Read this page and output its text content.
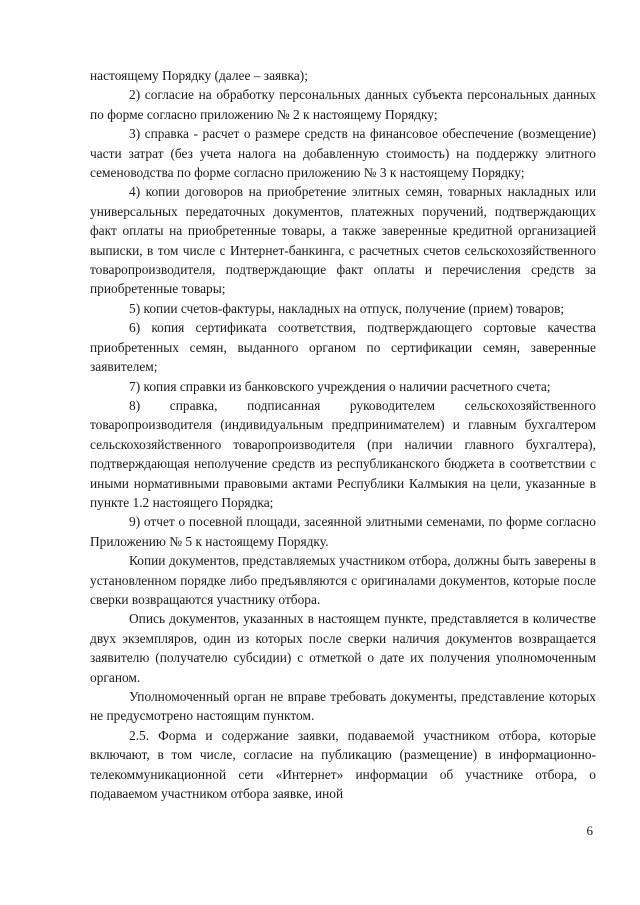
настоящему Порядку (далее – заявка);

2) согласие на обработку персональных данных субъекта персональных данных по форме согласно приложению № 2 к настоящему Порядку;

3) справка - расчет о размере средств на финансовое обеспечение (возмещение) части затрат (без учета налога на добавленную стоимость) на поддержку элитного семеноводства по форме согласно приложению № 3 к настоящему Порядку;

4) копии договоров на приобретение элитных семян, товарных накладных или универсальных передаточных документов, платежных поручений, подтверждающих факт оплаты на приобретенные товары, а также заверенные кредитной организацией выписки, в том числе с Интернет-банкинга, с расчетных счетов сельскохозяйственного товаропроизводителя, подтверждающие факт оплаты и перечисления средств за приобретенные товары;

5) копии счетов-фактуры, накладных на отпуск, получение (прием) товаров;

6) копия сертификата соответствия, подтверждающего сортовые качества приобретенных семян, выданного органом по сертификации семян, заверенные заявителем;

7) копия справки из банковского учреждения о наличии расчетного счета;

8) справка, подписанная руководителем сельскохозяйственного товаропроизводителя (индивидуальным предпринимателем) и главным бухгалтером сельскохозяйственного товаропроизводителя (при наличии главного бухгалтера), подтверждающая неполучение средств из республиканского бюджета в соответствии с иными нормативными правовыми актами Республики Калмыкия на цели, указанные в пункте 1.2 настоящего Порядка;

9) отчет о посевной площади, засеянной элитными семенами, по форме согласно Приложению № 5 к настоящему Порядку.

Копии документов, представляемых участником отбора, должны быть заверены в установленном порядке либо предъявляются с оригиналами документов, которые после сверки возвращаются участнику отбора.

Опись документов, указанных в настоящем пункте, представляется в количестве двух экземпляров, один из которых после сверки наличия документов возвращается заявителю (получателю субсидии) с отметкой о дате их получения уполномоченным органом.

Уполномоченный орган не вправе требовать документы, представление которых не предусмотрено настоящим пунктом.

2.5. Форма и содержание заявки, подаваемой участником отбора, которые включают, в том числе, согласие на публикацию (размещение) в информационно-телекоммуникационной сети «Интернет» информации об участнике отбора, о подаваемом участником отбора заявке, иной

6
